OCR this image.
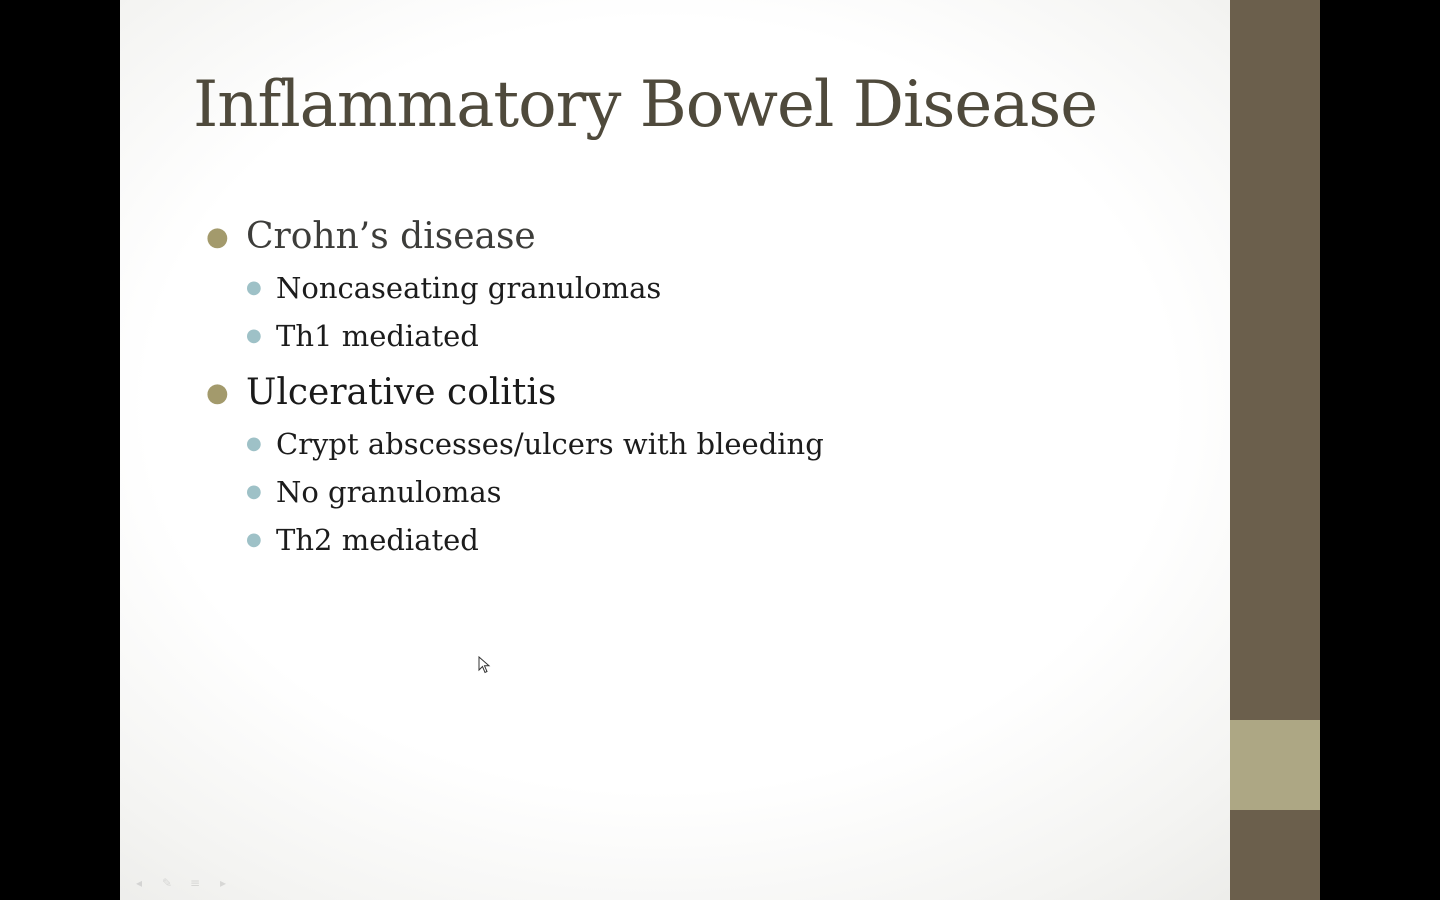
Inflammatory Bowel Disease
● Crohn’s disease
● Noncaseating granulomas
● Th1 mediated
● Ulcerative colitis
● Crypt abscesses/ulcers with bleeding
● No granulomas
● Th2 mediated
◂	✎	≡	▸
